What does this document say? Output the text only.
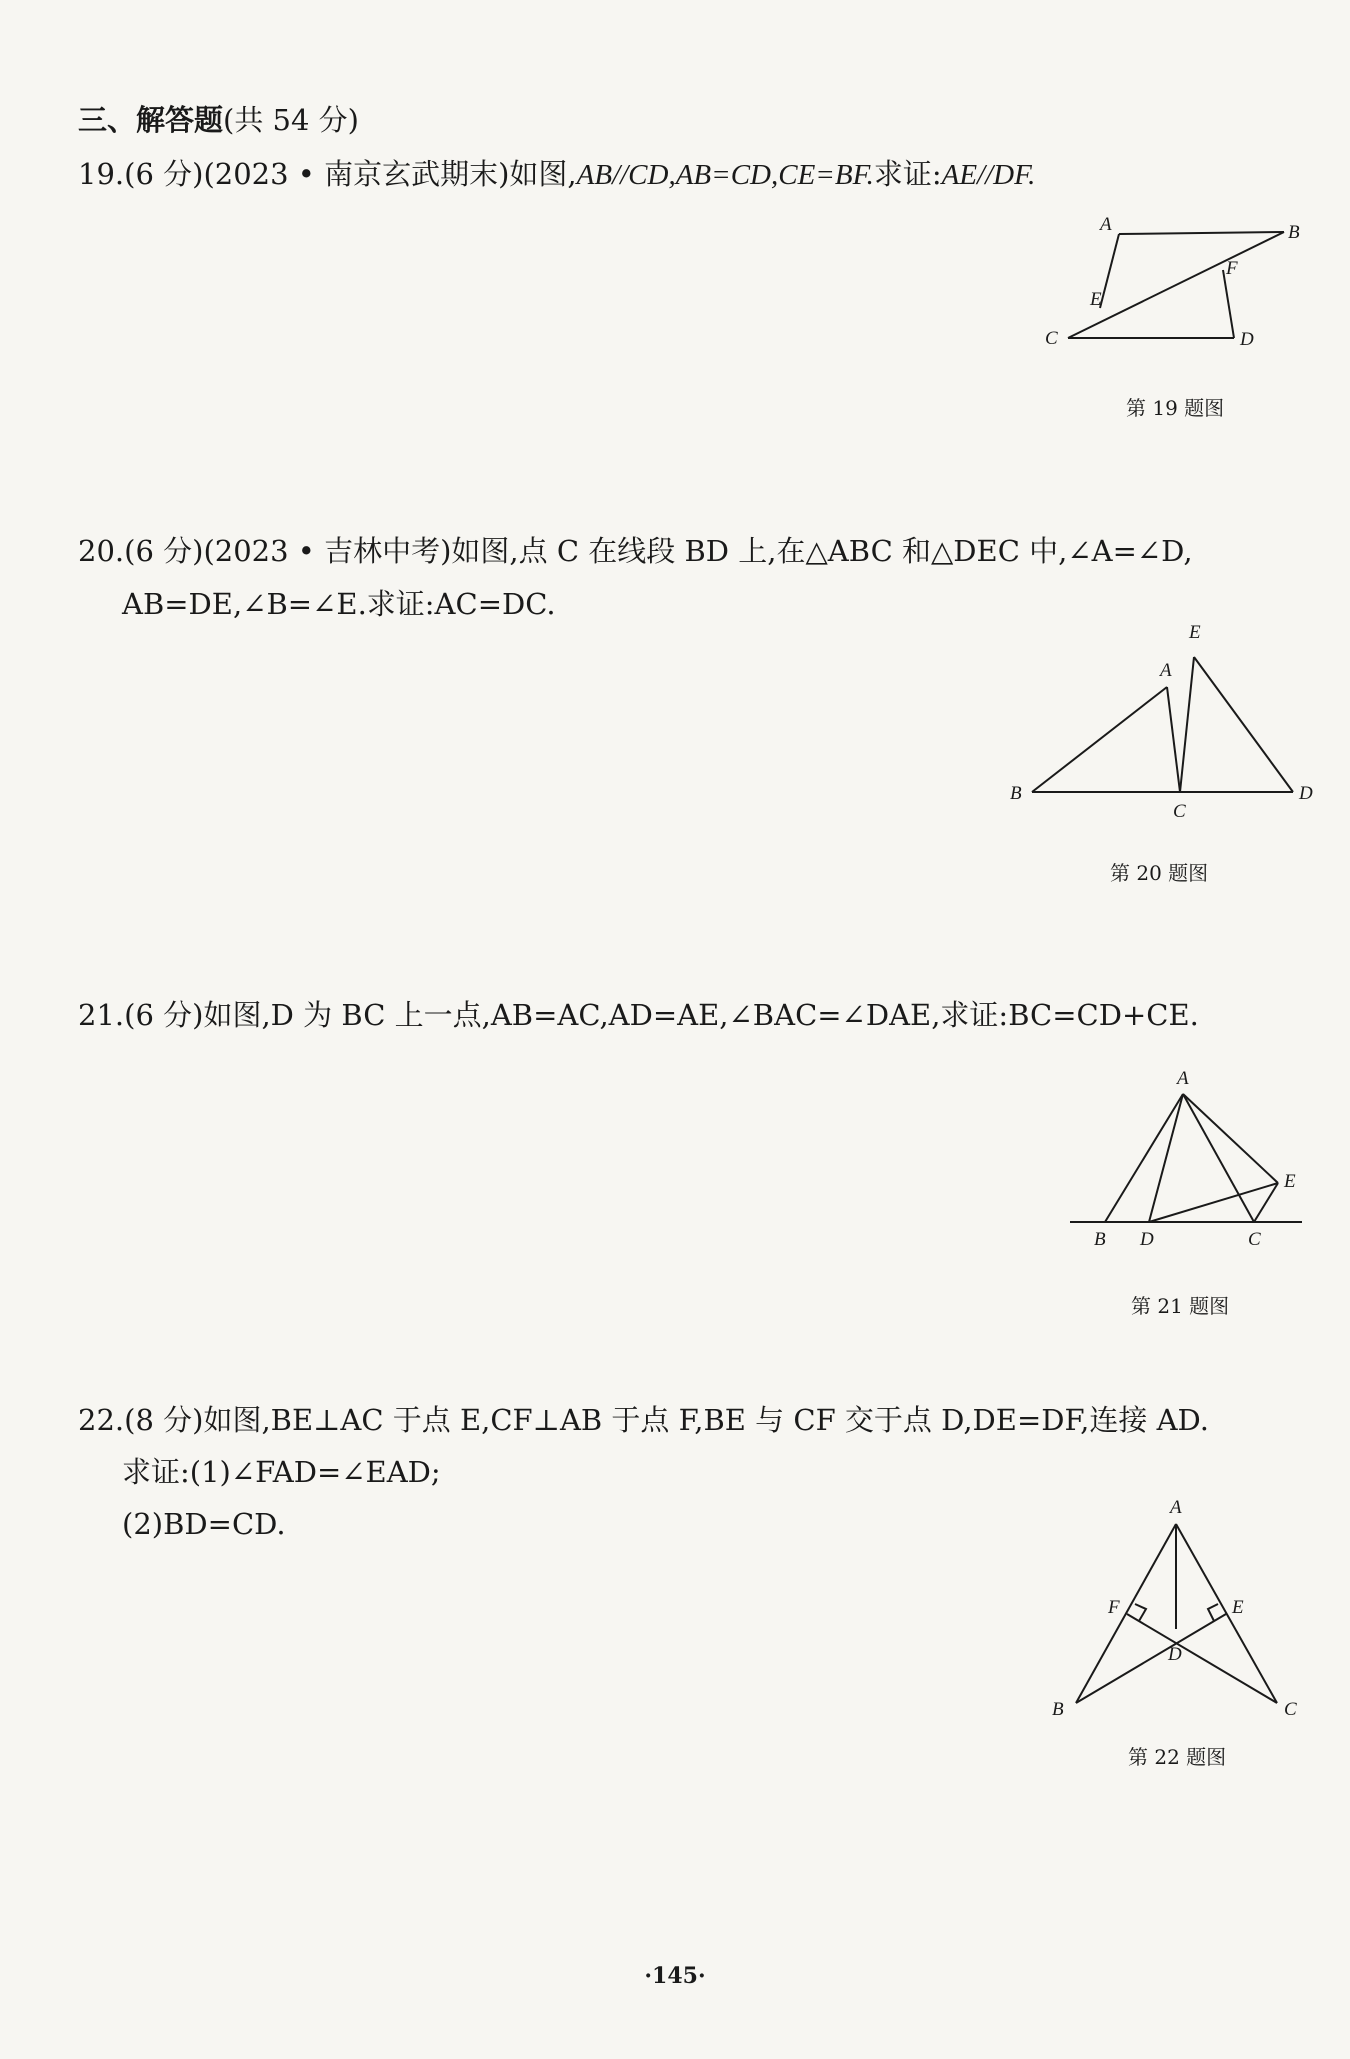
三、解答题(共 54 分)
19.(6 分)(2023 • 南京玄武期末)如图,AB//CD,AB=CD,CE=BF.求证:AE//DF.
A	B
C	D
E
F
第 19 题图
20.(6 分)(2023 • 吉林中考)如图,点 C 在线段 BD 上,在△ABC 和△DEC 中,∠A=∠D,
AB=DE,∠B=∠E.求证:AC=DC.
A
B
C
D
E
第 20 题图
21.(6 分)如图,D 为 BC 上一点,AB=AC,AD=AE,∠BAC=∠DAE,求证:BC=CD+CE.
A
B	C
D
E
第 21 题图
22.(8 分)如图,BE⊥AC 于点 E,CF⊥AB 于点 F,BE 与 CF 交于点 D,DE=DF,连接 AD.
求证:(1)∠FAD=∠EAD;
(2)BD=CD.	A
B	C
D
E
F
第 22 题图
·145·
